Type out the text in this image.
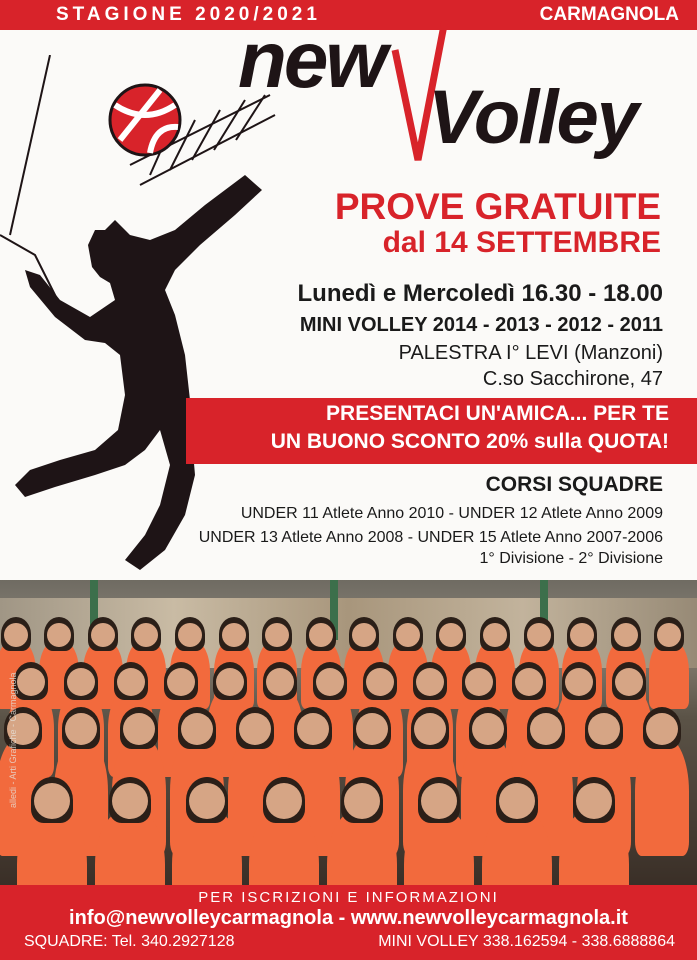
STAGIONE 2020/2021	CARMAGNOLA
new
Volley
PROVE GRATUITE
dal 14 SETTEMBRE
Lunedì e Mercoledì 16.30 - 18.00
MINI VOLLEY 2014 - 2013 - 2012 - 2011
PALESTRA I° LEVI (Manzoni)
C.so Sacchirone, 47
PRESENTACI UN'AMICA... PER TE
UN BUONO SCONTO 20% sulla QUOTA!
CORSI SQUADRE
UNDER 11 Atlete Anno 2010 - UNDER 12 Atlete Anno 2009
UNDER 13 Atlete Anno 2008 - UNDER 15 Atlete Anno 2007-2006
1° Divisione - 2° Divisione
alledi - Arti Grafiche - Carmagnola
PER ISCRIZIONI E INFORMAZIONI
info@newvolleycarmagnola - www.newvolleycarmagnola.it
SQUADRE: Tel. 340.2927128	MINI VOLLEY 338.162594 - 338.6888864
